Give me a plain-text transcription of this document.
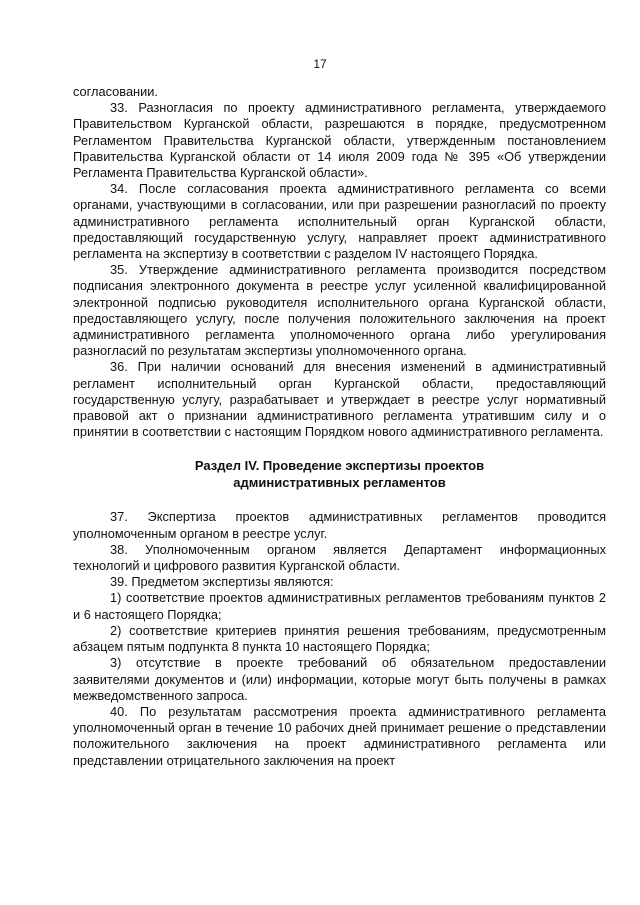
17

согласовании.

33. Разногласия по проекту административного регламента, утверждаемого Правительством Курганской области, разрешаются в порядке, предусмотренном Регламентом Правительства Курганской области, утвержденным постановлением Правительства Курганской области от 14 июля 2009 года № 395 «Об утверждении Регламента Правительства Курганской области».

34. После согласования проекта административного регламента со всеми органами, участвующими в согласовании, или при разрешении разногласий по проекту административного регламента исполнительный орган Курганской области, предоставляющий государственную услугу, направляет проект административного регламента на экспертизу в соответствии с разделом IV настоящего Порядка.

35. Утверждение административного регламента производится посредством подписания электронного документа в реестре услуг усиленной квалифицированной электронной подписью руководителя исполнительного органа Курганской области, предоставляющего услугу, после получения положительного заключения на проект административного регламента уполномоченного органа либо урегулирования разногласий по результатам экспертизы уполномоченного органа.

36. При наличии оснований для внесения изменений в административный регламент исполнительный орган Курганской области, предоставляющий государственную услугу, разрабатывает и утверждает в реестре услуг нормативный правовой акт о признании административного регламента утратившим силу и о принятии в соответствии с настоящим Порядком нового административного регламента.

Раздел IV. Проведение экспертизы проектов
административных регламентов

37. Экспертиза проектов административных регламентов проводится уполномоченным органом в реестре услуг.

38. Уполномоченным органом является Департамент информационных технологий и цифрового развития Курганской области.

39. Предметом экспертизы являются:

1) соответствие проектов административных регламентов требованиям пунктов 2 и 6 настоящего Порядка;

2) соответствие критериев принятия решения требованиям, предусмотренным абзацем пятым подпункта 8 пункта 10 настоящего Порядка;

3) отсутствие в проекте требований об обязательном предоставлении заявителями документов и (или) информации, которые могут быть получены в рамках межведомственного запроса.

40. По результатам рассмотрения проекта административного регламента уполномоченный орган в течение 10 рабочих дней принимает решение о представлении положительного заключения на проект административного регламента или представлении отрицательного заключения на проект
